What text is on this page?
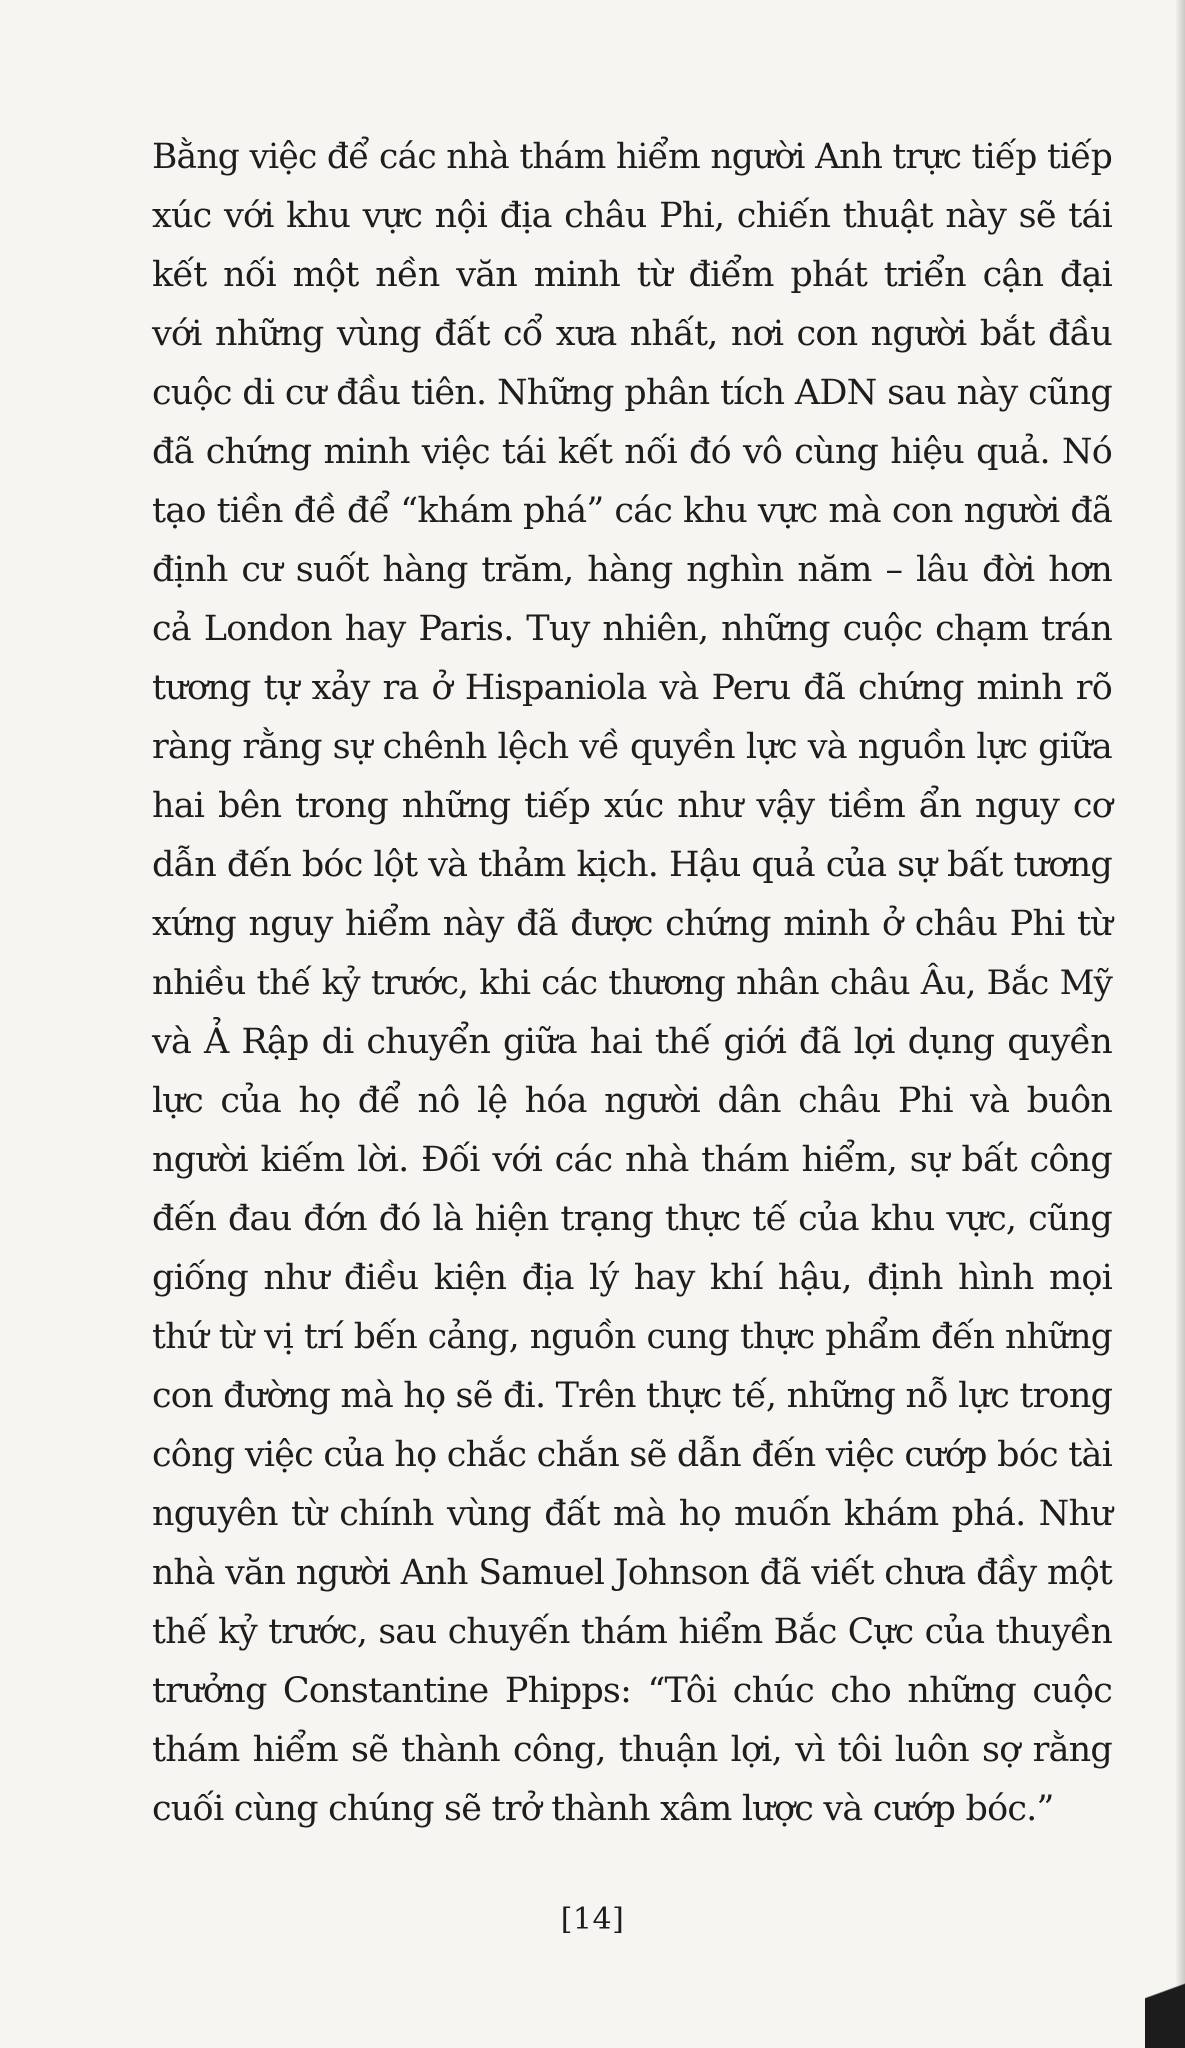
Bằng việc để các nhà thám hiểm người Anh trực tiếp tiếp
xúc với khu vực nội địa châu Phi, chiến thuật này sẽ tái
kết nối một nền văn minh từ điểm phát triển cận đại
với những vùng đất cổ xưa nhất, nơi con người bắt đầu
cuộc di cư đầu tiên. Những phân tích ADN sau này cũng
đã chứng minh việc tái kết nối đó vô cùng hiệu quả. Nó
tạo tiền đề để “khám phá” các khu vực mà con người đã
định cư suốt hàng trăm, hàng nghìn năm – lâu đời hơn
cả London hay Paris. Tuy nhiên, những cuộc chạm trán
tương tự xảy ra ở Hispaniola và Peru đã chứng minh rõ
ràng rằng sự chênh lệch về quyền lực và nguồn lực giữa
hai bên trong những tiếp xúc như vậy tiềm ẩn nguy cơ
dẫn đến bóc lột và thảm kịch. Hậu quả của sự bất tương
xứng nguy hiểm này đã được chứng minh ở châu Phi từ
nhiều thế kỷ trước, khi các thương nhân châu Âu, Bắc Mỹ
và Ả Rập di chuyển giữa hai thế giới đã lợi dụng quyền
lực của họ để nô lệ hóa người dân châu Phi và buôn
người kiếm lời. Đối với các nhà thám hiểm, sự bất công
đến đau đớn đó là hiện trạng thực tế của khu vực, cũng
giống như điều kiện địa lý hay khí hậu, định hình mọi
thứ từ vị trí bến cảng, nguồn cung thực phẩm đến những
con đường mà họ sẽ đi. Trên thực tế, những nỗ lực trong
công việc của họ chắc chắn sẽ dẫn đến việc cướp bóc tài
nguyên từ chính vùng đất mà họ muốn khám phá. Như
nhà văn người Anh Samuel Johnson đã viết chưa đầy một
thế kỷ trước, sau chuyến thám hiểm Bắc Cực của thuyền
trưởng Constantine Phipps: “Tôi chúc cho những cuộc
thám hiểm sẽ thành công, thuận lợi, vì tôi luôn sợ rằng
cuối cùng chúng sẽ trở thành xâm lược và cướp bóc.”
[14]
